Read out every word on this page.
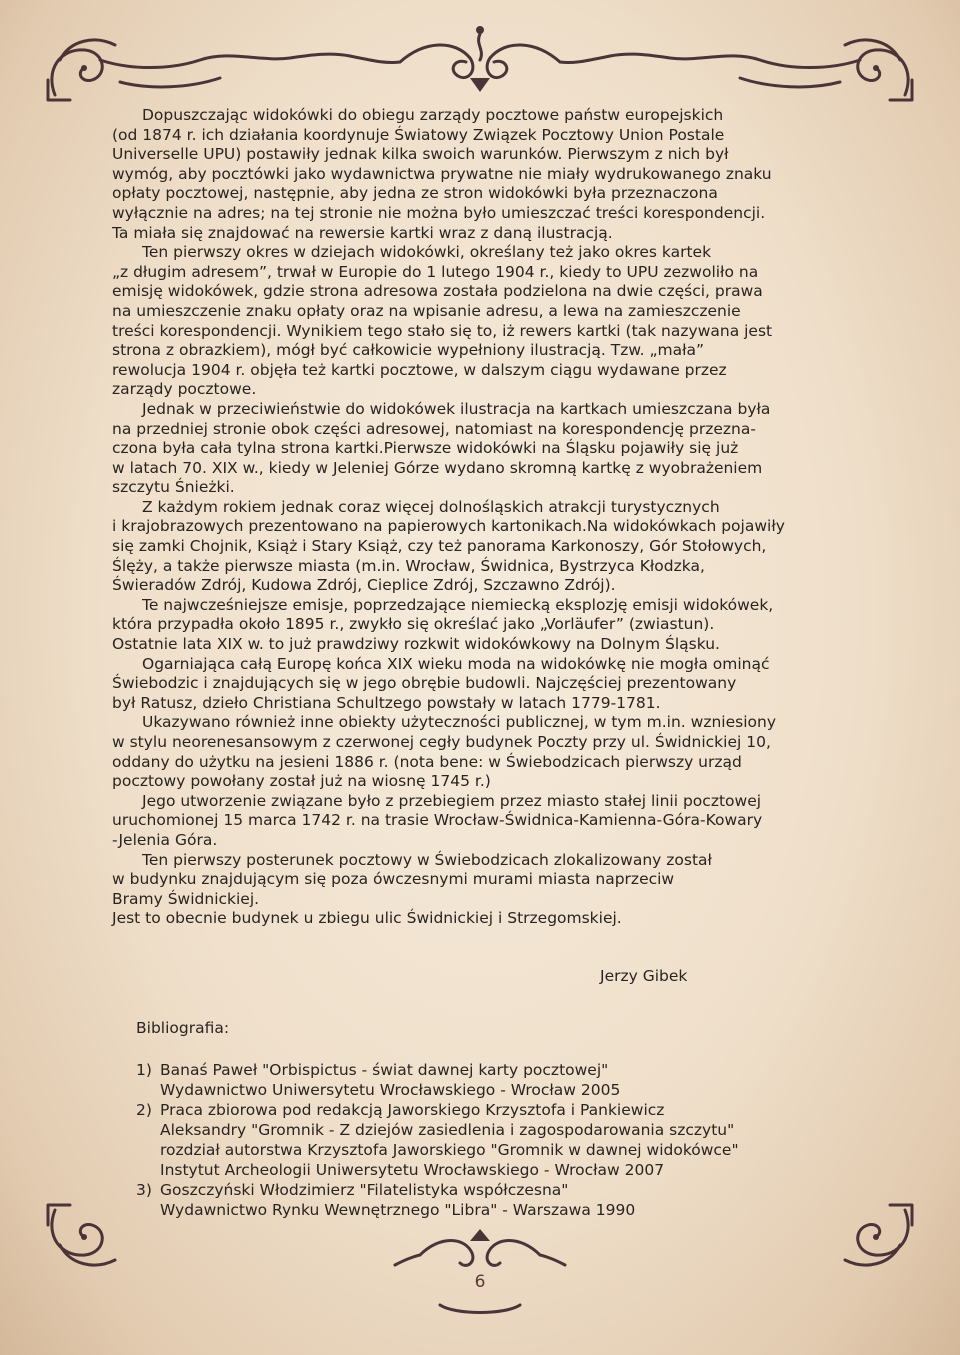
Dopuszczając widokówki do obiegu zarządy pocztowe państw europejskich

(od 1874 r. ich działania koordynuje Światowy Związek Pocztowy Union Postale
Universelle UPU) postawiły jednak kilka swoich warunków. Pierwszym z nich był
wymóg, aby pocztówki jako wydawnictwa prywatne nie miały wydrukowanego znaku
opłaty pocztowej, następnie, aby jedna ze stron widokówki była przeznaczona
wyłącznie na adres; na tej stronie nie można było umieszczać treści korespondencji.
Ta miała się znajdować na rewersie kartki wraz z daną ilustracją.

Ten pierwszy okres w dziejach widokówki, określany też jako okres kartek
„z długim adresem”, trwał w Europie do 1 lutego 1904 r., kiedy to UPU zezwoliło na
emisję widokówek, gdzie strona adresowa została podzielona na dwie części, prawa
na umieszczenie znaku opłaty oraz na wpisanie adresu, a lewa na zamieszczenie
treści korespondencji. Wynikiem tego stało się to, iż rewers kartki (tak nazywana jest
strona z obrazkiem), mógł być całkowicie wypełniony ilustracją. Tzw. „mała”
rewolucja 1904 r. objęła też kartki pocztowe, w dalszym ciągu wydawane przez
zarządy pocztowe.

Jednak w przeciwieństwie do widokówek ilustracja na kartkach umieszczana była
na przedniej stronie obok części adresowej, natomiast na korespondencję przezna-
czona była cała tylna strona kartki.Pierwsze widokówki na Śląsku pojawiły się już
w latach 70. XIX w., kiedy w Jeleniej Górze wydano skromną kartkę z wyobrażeniem
szczytu Śnieżki.

Z każdym rokiem jednak coraz więcej dolnośląskich atrakcji turystycznych
i krajobrazowych prezentowano na papierowych kartonikach.Na widokówkach pojawiły
się zamki Chojnik, Książ i Stary Książ, czy też panorama Karkonoszy, Gór Stołowych,
Ślęży, a także pierwsze miasta (m.in. Wrocław, Świdnica, Bystrzyca Kłodzka,
Świeradów Zdrój, Kudowa Zdrój, Cieplice Zdrój, Szczawno Zdrój).

Te najwcześniejsze emisje, poprzedzające niemiecką eksplozję emisji widokówek,
która przypadła około 1895 r., zwykło się określać jako „Vorläufer” (zwiastun).
Ostatnie lata XIX w. to już prawdziwy rozkwit widokówkowy na Dolnym Śląsku.

Ogarniająca całą Europę końca XIX wieku moda na widokówkę nie mogła ominąć
Świebodzic i znajdujących się w jego obrębie budowli. Najczęściej prezentowany
był Ratusz, dzieło Christiana Schultzego powstały w latach 1779-1781.

Ukazywano również inne obiekty użyteczności publicznej, w tym m.in. wzniesiony
w stylu neorenesansowym z czerwonej cegły budynek Poczty przy ul. Świdnickiej 10,
oddany do użytku na jesieni 1886 r. (nota bene: w Świebodzicach pierwszy urząd
pocztowy powołany został już na wiosnę 1745 r.)

Jego utworzenie związane było z przebiegiem przez miasto stałej linii pocztowej
uruchomionej 15 marca 1742 r. na trasie Wrocław-Świdnica-Kamienna-Góra-Kowary
-Jelenia Góra.

Ten pierwszy posterunek pocztowy w Świebodzicach zlokalizowany został
w budynku znajdującym się poza ówczesnymi murami miasta naprzeciw
Bramy Świdnickiej.

Jest to obecnie budynek u zbiegu ulic Świdnickiej i Strzegomskiej.

Jerzy Gibek
Bibliografia:
1) Banaś Paweł "Orbispictus - świat dawnej karty pocztowej"

Wydawnictwo Uniwersytetu Wrocławskiego - Wrocław 2005

2) Praca zbiorowa pod redakcją Jaworskiego Krzysztofa i Pankiewicz

Aleksandry "Gromnik - Z dziejów zasiedlenia i zagospodarowania szczytu"

rozdział autorstwa Krzysztofa Jaworskiego "Gromnik w dawnej widokówce"

Instytut Archeologii Uniwersytetu Wrocławskiego - Wrocław 2007

3) Goszczyński Włodzimierz "Filatelistyka współczesna"

Wydawnictwo Rynku Wewnętrznego "Libra" - Warszawa 1990

6
